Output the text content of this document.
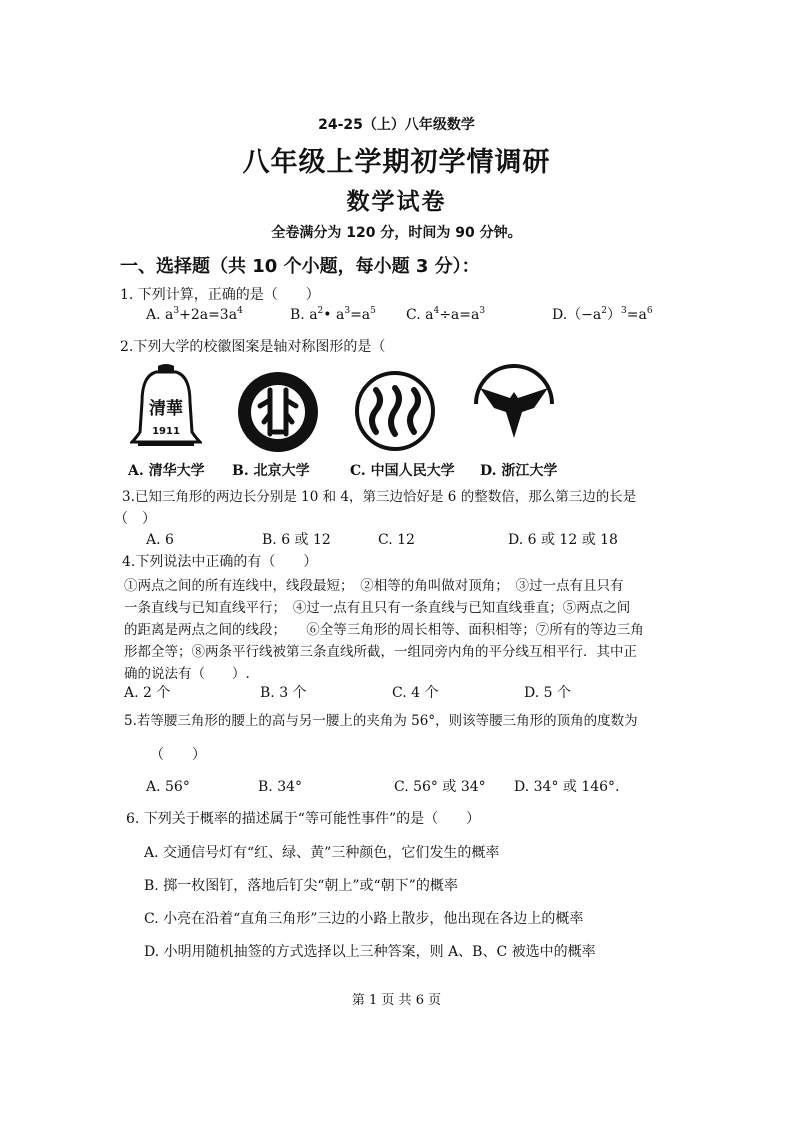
24-25（上）八年级数学
八年级上学期初学情调研
数学试卷
全卷满分为 120 分，时间为 90 分钟。
一、选择题（共 10 个小题，每小题 3 分）：
1. 下列计算，正确的是（　　）
A. $a^3+2a=3a^4$	B. $a^2•$ $a^3=a^5$ C. $a^4\div a=a^3$	$D.(-a^2)^3=a^6$
2.下列大学的校徽图案是轴对称图形的是（
清華
1911
A. 清华大学 B. 北京大学	C. 中国人民大学 D. 浙江大学
3.已知三角形的两边长分别是 10 和 4，第三边恰好是 6 的整数倍，那么第三边的长是
（　）
A. 6	B. 6 或 12	C. 12	D. 6 或 12 或 18
4.下列说法中正确的有（　　）
①两点之间的所有连线中，线段最短；　②相等的角叫做对顶角；　③过一点有且只有
一条直线与已知直线平行；　④过一点有且只有一条直线与已知直线垂直；⑤两点之间
的距离是两点之间的线段；　　⑥全等三角形的周长相等、面积相等；⑦所有的等边三角
形都全等；⑧两条平行线被第三条直线所截，一组同旁内角的平分线互相平行．其中正
确的说法有（　　）.
A. 2 个	B. 3 个	C. 4 个	D. 5 个
5.若等腰三角形的腰上的高与另一腰上的夹角为 56°，则该等腰三角形的顶角的度数为
（　　）
A. 56°	B. 34°	C. 56° 或 34° D. 34° 或 146°.
6. 下列关于概率的描述属于“等可能性事件”的是（　　）
A. 交通信号灯有“红、绿、黄”三种颜色，它们发生的概率
B. 掷一枚图钉，落地后钉尖“朝上”或“朝下”的概率
C. 小亮在沿着“直角三角形”三边的小路上散步，他出现在各边上的概率
D. 小明用随机抽签的方式选择以上三种答案，则 A、B、C 被选中的概率
第 1 页 共 6 页
